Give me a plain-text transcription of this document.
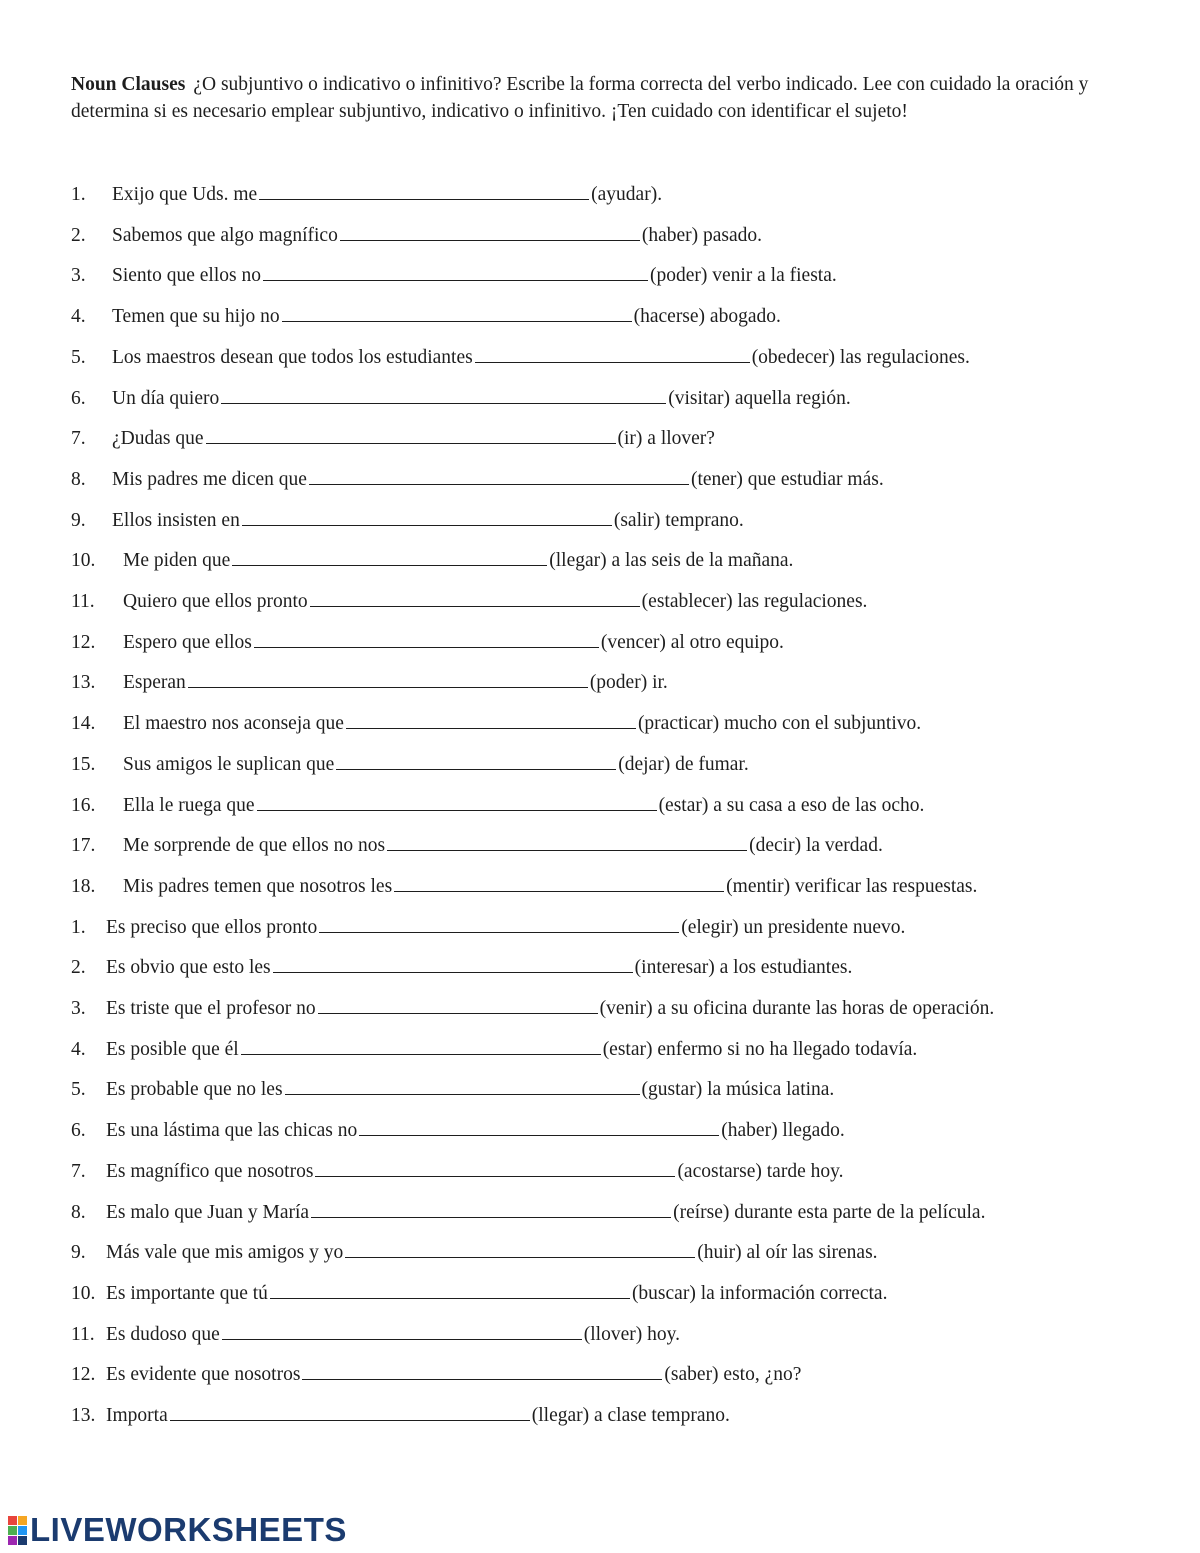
Noun Clauses ¿O subjuntivo o indicativo o infinitivo? Escribe la forma correcta del verbo indicado. Lee con cuidado la oración y determina si es necesario emplear subjuntivo, indicativo o infinitivo. ¡Ten cuidado con identificar el sujeto!
1. Exijo que Uds. me	(ayudar).
2. Sabemos que algo magnífico	(haber) pasado.
3. Siento que ellos no	(poder) venir a la fiesta.
4. Temen que su hijo no	(hacerse) abogado.
5. Los maestros desean que todos los estudiantes	(obedecer) las regulaciones.
6. Un día quiero	(visitar) aquella región.
7. ¿Dudas que	(ir) a llover?
8. Mis padres me dicen que	(tener) que estudiar más.
9. Ellos insisten en	(salir) temprano.
10. Me piden que	(llegar) a las seis de la mañana.
11. Quiero que ellos pronto	(establecer) las regulaciones.
12. Espero que ellos	(vencer) al otro equipo.
13. Esperan	(poder) ir.
14. El maestro nos aconseja que	(practicar) mucho con el subjuntivo.
15. Sus amigos le suplican que	(dejar) de fumar.
16. Ella le ruega que	(estar) a su casa a eso de las ocho.
17. Me sorprende de que ellos no nos	(decir) la verdad.
18. Mis padres temen que nosotros les	(mentir) verificar las respuestas.
1. Es preciso que ellos pronto	(elegir) un presidente nuevo.
2. Es obvio que esto les	(interesar) a los estudiantes.
3. Es triste que el profesor no	(venir) a su oficina durante las horas de operación.
4. Es posible que él	(estar) enfermo si no ha llegado todavía.
5. Es probable que no les	(gustar) la música latina.
6. Es una lástima que las chicas no	(haber) llegado.
7. Es magnífico que nosotros	(acostarse) tarde hoy.
8. Es malo que Juan y María	(reírse) durante esta parte de la película.
9. Más vale que mis amigos y yo	(huir) al oír las sirenas.
10. Es importante que tú	(buscar) la información correcta.
11. Es dudoso que	(llover) hoy.
12. Es evidente que nosotros	(saber) esto, ¿no?
13. Importa	(llegar) a clase temprano.
LIVEWORKSHEETS
